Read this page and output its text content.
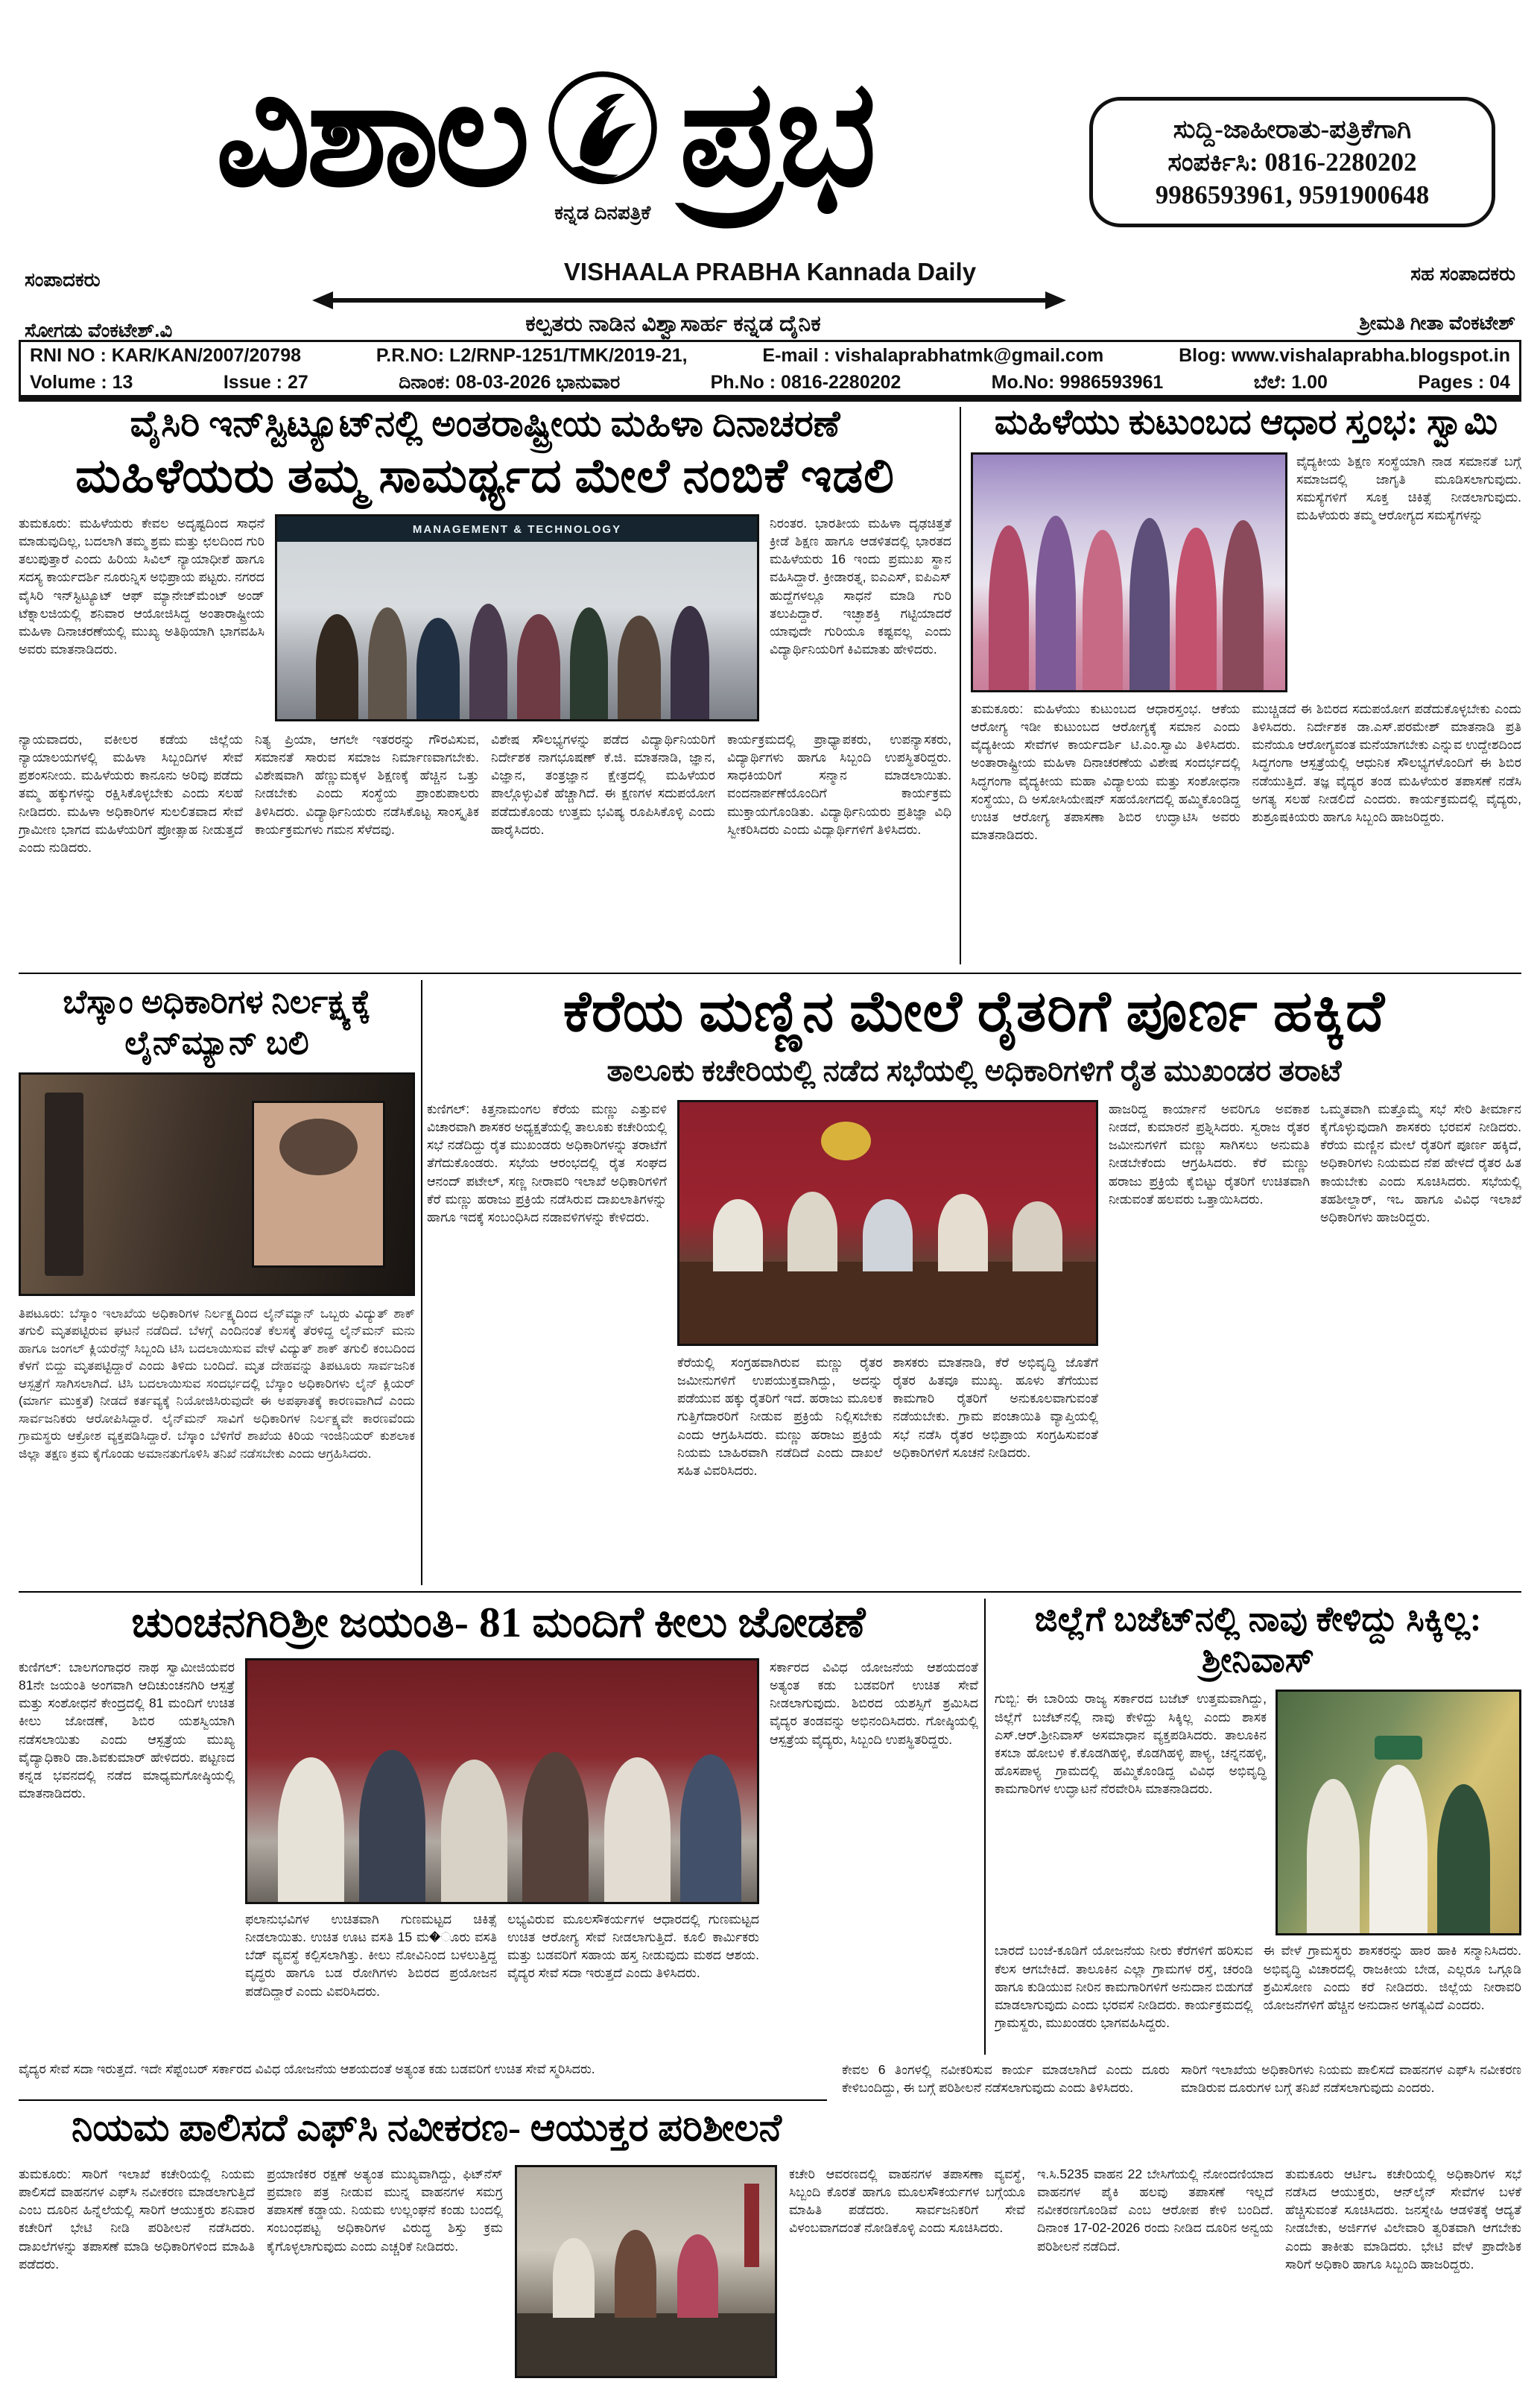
ವಿಶಾಲ ಕನ್ನಡ ದಿನಪತ್ರಿಕೆ ಪ್ರಭ	ಸುದ್ದಿ-ಜಾಹೀರಾತು-ಪತ್ರಿಕೆಗಾಗಿ
ಸಂಪರ್ಕಿಸಿ: 0816-2280202
9986593961, 9591900648
VISHAALA PRABHA Kannada Daily
ಕಲ್ಪತರು ನಾಡಿನ ವಿಶ್ವಾಸಾರ್ಹ ಕನ್ನಡ ದೈನಿಕ
ಸಂಪಾದಕರು
ಸೋಗಡು ವೆಂಕಟೇಶ್.ವಿ
ಸಹ ಸಂಪಾದಕರು
ಶ್ರೀಮತಿ ಗೀತಾ ವೆಂಕಟೇಶ್
RNI NO : KAR/KAN/2007/20798	P.R.NO: L2/RNP-1251/TMK/2019-21,	E-mail : vishalaprabhatmk@gmail.com	Blog: www.vishalaprabha.blogspot.in
Volume : 13	Issue : 27	ದಿನಾಂಕ: 08-03-2026 ಭಾನುವಾರ	Ph.No : 0816-2280202	Mo.No: 9986593961	ಬೆಲೆ: 1.00	Pages : 04
ವೈಸಿರಿ ಇನ್‌ಸ್ಟಿಟ್ಯೂಟ್‌ನಲ್ಲಿ ಅಂತರಾಷ್ಟ್ರೀಯ ಮಹಿಳಾ ದಿನಾಚರಣೆ
ಮಹಿಳೆಯರು ತಮ್ಮ ಸಾಮರ್ಥ್ಯದ ಮೇಲೆ ನಂಬಿಕೆ ಇಡಲಿ
ತುಮಕೂರು: ಮಹಿಳೆಯರು ಕೇವಲ ಅದೃಷ್ಟದಿಂದ ಸಾಧನೆ ಮಾಡುವುದಿಲ್ಲ, ಬದಲಾಗಿ ತಮ್ಮ ಶ್ರಮ ಮತ್ತು ಛಲದಿಂದ ಗುರಿ ತಲುಪುತ್ತಾರೆ ಎಂದು ಹಿರಿಯ ಸಿವಿಲ್ ನ್ಯಾಯಾಧೀಶೆ ಹಾಗೂ ಸದಸ್ಯ ಕಾರ್ಯದರ್ಶಿ ನೂರುನ್ನಿಸ ಅಭಿಪ್ರಾಯ ಪಟ್ಟರು. ನಗರದ ವೈಸಿರಿ ಇನ್‌ಸ್ಟಿಟ್ಯೂಟ್ ಆಫ್ ಮ್ಯಾನೇಜ್‌ಮೆಂಟ್ ಅಂಡ್ ಟೆಕ್ನಾಲಜಿಯಲ್ಲಿ ಶನಿವಾರ ಆಯೋಜಿಸಿದ್ದ ಅಂತಾರಾಷ್ಟ್ರೀಯ ಮಹಿಳಾ ದಿನಾಚರಣೆಯಲ್ಲಿ ಮುಖ್ಯ ಅತಿಥಿಯಾಗಿ ಭಾಗವಹಿಸಿ ಅವರು ಮಾತನಾಡಿದರು.
MANAGEMENT & TECHNOLOGY	ನಿರಂತರ. ಭಾರತೀಯ ಮಹಿಳಾ ದೃಢಚಿತ್ತತೆ ಕ್ರೀಡೆ ಶಿಕ್ಷಣ ಹಾಗೂ ಆಡಳಿತದಲ್ಲಿ ಭಾರತದ ಮಹಿಳೆಯರು 16 ಇಂದು ಪ್ರಮುಖ ಸ್ಥಾನ ವಹಿಸಿದ್ದಾರೆ. ಕ್ರೀಡಾರತ್ನ, ಐಎಎಸ್, ಐಪಿಎಸ್ ಹುದ್ದೆಗಳಲ್ಲೂ ಸಾಧನೆ ಮಾಡಿ ಗುರಿ ತಲುಪಿದ್ದಾರೆ. ಇಚ್ಛಾಶಕ್ತಿ ಗಟ್ಟಿಯಾದರೆ ಯಾವುದೇ ಗುರಿಯೂ ಕಷ್ಟವಲ್ಲ ಎಂದು ವಿದ್ಯಾರ್ಥಿನಿಯರಿಗೆ ಕಿವಿಮಾತು ಹೇಳಿದರು.
ನ್ಯಾಯವಾದರು, ವಕೀಲರ ಕಡೆಯ ಜಿಲ್ಲೆಯ ನ್ಯಾಯಾಲಯಗಳಲ್ಲಿ ಮಹಿಳಾ ಸಿಬ್ಬಂದಿಗಳ ಸೇವೆ ಪ್ರಶಂಸನೀಯ. ಮಹಿಳೆಯರು ಕಾನೂನು ಅರಿವು ಪಡೆದು ತಮ್ಮ ಹಕ್ಕುಗಳನ್ನು ರಕ್ಷಿಸಿಕೊಳ್ಳಬೇಕು ಎಂದು ಸಲಹೆ ನೀಡಿದರು. ಮಹಿಳಾ ಅಧಿಕಾರಿಗಳ ಸುಲಲಿತವಾದ ಸೇವೆ ಗ್ರಾಮೀಣ ಭಾಗದ ಮಹಿಳೆಯರಿಗೆ ಪ್ರೋತ್ಸಾಹ ನೀಡುತ್ತದೆ ಎಂದು ನುಡಿದರು.
ನಿತ್ಯ ಪ್ರಿಯಾ, ಆಗಲೇ ಇತರರನ್ನು ಗೌರವಿಸುವ, ಸಮಾನತೆ ಸಾರುವ ಸಮಾಜ ನಿರ್ಮಾಣವಾಗಬೇಕು. ವಿಶೇಷವಾಗಿ ಹೆಣ್ಣುಮಕ್ಕಳ ಶಿಕ್ಷಣಕ್ಕೆ ಹೆಚ್ಚಿನ ಒತ್ತು ನೀಡಬೇಕು ಎಂದು ಸಂಸ್ಥೆಯ ಪ್ರಾಂಶುಪಾಲರು ತಿಳಿಸಿದರು. ವಿದ್ಯಾರ್ಥಿನಿಯರು ನಡೆಸಿಕೊಟ್ಟ ಸಾಂಸ್ಕೃತಿಕ ಕಾರ್ಯಕ್ರಮಗಳು ಗಮನ ಸೆಳೆದವು.
ವಿಶೇಷ ಸೌಲಭ್ಯಗಳನ್ನು ಪಡೆದ ವಿದ್ಯಾರ್ಥಿನಿಯರಿಗೆ ನಿರ್ದೇಶಕ ನಾಗಭೂಷಣ್ ಕೆ.ಜಿ. ಮಾತನಾಡಿ, ಜ್ಞಾನ, ವಿಜ್ಞಾನ, ತಂತ್ರಜ್ಞಾನ ಕ್ಷೇತ್ರದಲ್ಲಿ ಮಹಿಳೆಯರ ಪಾಲ್ಗೊಳ್ಳುವಿಕೆ ಹೆಚ್ಚಾಗಿದೆ. ಈ ಕ್ಷಣಗಳ ಸದುಪಯೋಗ ಪಡೆದುಕೊಂಡು ಉತ್ತಮ ಭವಿಷ್ಯ ರೂಪಿಸಿಕೊಳ್ಳಿ ಎಂದು ಹಾರೈಸಿದರು.
ಕಾರ್ಯಕ್ರಮದಲ್ಲಿ ಪ್ರಾಧ್ಯಾಪಕರು, ಉಪನ್ಯಾಸಕರು, ವಿದ್ಯಾರ್ಥಿಗಳು ಹಾಗೂ ಸಿಬ್ಬಂದಿ ಉಪಸ್ಥಿತರಿದ್ದರು. ಸಾಧಕಿಯರಿಗೆ ಸನ್ಮಾನ ಮಾಡಲಾಯಿತು. ವಂದನಾರ್ಪಣೆಯೊಂದಿಗೆ ಕಾರ್ಯಕ್ರಮ ಮುಕ್ತಾಯಗೊಂಡಿತು. ವಿದ್ಯಾರ್ಥಿನಿಯರು ಪ್ರತಿಜ್ಞಾ ವಿಧಿ ಸ್ವೀಕರಿಸಿದರು ಎಂದು ವಿದ್ಯಾರ್ಥಿಗಳಿಗೆ ತಿಳಿಸಿದರು.
ಮಹಿಳೆಯು ಕುಟುಂಬದ ಆಧಾರ ಸ್ತಂಭ: ಸ್ವಾಮಿ
ವೈದ್ಯಕೀಯ ಶಿಕ್ಷಣ ಸಂಸ್ಥೆಯಾಗಿ ನಾಡ ಸಮಾನತೆ ಬಗ್ಗೆ ಸಮಾಜದಲ್ಲಿ ಜಾಗೃತಿ ಮೂಡಿಸಲಾಗುವುದು. ಸಮಸ್ಯೆಗಳಿಗೆ ಸೂಕ್ತ ಚಿಕಿತ್ಸೆ ನೀಡಲಾಗುವುದು. ಮಹಿಳೆಯರು ತಮ್ಮ ಆರೋಗ್ಯದ ಸಮಸ್ಯೆಗಳನ್ನು
ತುಮಕೂರು: ಮಹಿಳೆಯು ಕುಟುಂಬದ ಆಧಾರಸ್ತಂಭ. ಆಕೆಯ ಆರೋಗ್ಯ ಇಡೀ ಕುಟುಂಬದ ಆರೋಗ್ಯಕ್ಕೆ ಸಮಾನ ಎಂದು ವೈದ್ಯಕೀಯ ಸೇವೆಗಳ ಕಾರ್ಯದರ್ಶಿ ಟಿ.ಎಂ.ಸ್ವಾಮಿ ತಿಳಿಸಿದರು. ಅಂತಾರಾಷ್ಟ್ರೀಯ ಮಹಿಳಾ ದಿನಾಚರಣೆಯ ವಿಶೇಷ ಸಂದರ್ಭದಲ್ಲಿ ಸಿದ್ಧಗಂಗಾ ವೈದ್ಯಕೀಯ ಮಹಾ ವಿದ್ಯಾಲಯ ಮತ್ತು ಸಂಶೋಧನಾ ಸಂಸ್ಥೆಯು, ದಿ ಅಸೋಸಿಯೇಷನ್ ಸಹಯೋಗದಲ್ಲಿ ಹಮ್ಮಿಕೊಂಡಿದ್ದ ಉಚಿತ ಆರೋಗ್ಯ ತಪಾಸಣಾ ಶಿಬಿರ ಉದ್ಘಾಟಿಸಿ ಅವರು ಮಾತನಾಡಿದರು.
ಮುಚ್ಚಿಡದೆ ಈ ಶಿಬಿರದ ಸದುಪಯೋಗ ಪಡೆದುಕೊಳ್ಳಬೇಕು ಎಂದು ತಿಳಿಸಿದರು. ನಿರ್ದೇಶಕ ಡಾ.ಎಸ್.ಪರಮೇಶ್ ಮಾತನಾಡಿ ಪ್ರತಿ ಮನೆಯೂ ಆರೋಗ್ಯವಂತ ಮನೆಯಾಗಬೇಕು ಎನ್ನುವ ಉದ್ದೇಶದಿಂದ ಸಿದ್ಧಗಂಗಾ ಆಸ್ಪತ್ರೆಯಲ್ಲಿ ಆಧುನಿಕ ಸೌಲಭ್ಯಗಳೊಂದಿಗೆ ಈ ಶಿಬಿರ ನಡೆಯುತ್ತಿದೆ. ತಜ್ಞ ವೈದ್ಯರ ತಂಡ ಮಹಿಳೆಯರ ತಪಾಸಣೆ ನಡೆಸಿ ಅಗತ್ಯ ಸಲಹೆ ನೀಡಲಿದೆ ಎಂದರು. ಕಾರ್ಯಕ್ರಮದಲ್ಲಿ ವೈದ್ಯರು, ಶುಶ್ರೂಷಕಿಯರು ಹಾಗೂ ಸಿಬ್ಬಂದಿ ಹಾಜರಿದ್ದರು.
ಬೆಸ್ಕಾಂ ಅಧಿಕಾರಿಗಳ ನಿರ್ಲಕ್ಷ್ಯಕ್ಕೆ
ಲೈನ್‌ಮ್ಯಾನ್ ಬಲಿ
ತಿಪಟೂರು: ಬೆಸ್ಕಾಂ ಇಲಾಖೆಯ ಅಧಿಕಾರಿಗಳ ನಿರ್ಲಕ್ಷ್ಯದಿಂದ ಲೈನ್‌ಮ್ಯಾನ್ ಒಬ್ಬರು ವಿದ್ಯುತ್ ಶಾಕ್ ತಗುಲಿ ಮೃತಪಟ್ಟಿರುವ ಘಟನೆ ನಡೆದಿದೆ. ಬೆಳಗ್ಗೆ ಎಂದಿನಂತೆ ಕೆಲಸಕ್ಕೆ ತೆರಳಿದ್ದ ಲೈನ್‌ಮನ್ ಮನು ಹಾಗೂ ಜಂಗಲ್ ಕ್ಲಿಯರೆನ್ಸ್ ಸಿಬ್ಬಂದಿ ಟಿಸಿ ಬದಲಾಯಿಸುವ ವೇಳೆ ವಿದ್ಯುತ್ ಶಾಕ್ ತಗುಲಿ ಕಂಬದಿಂದ ಕೆಳಗೆ ಬಿದ್ದು ಮೃತಪಟ್ಟಿದ್ದಾರೆ ಎಂದು ತಿಳಿದು ಬಂದಿದೆ. ಮೃತ ದೇಹವನ್ನು ತಿಪಟೂರು ಸಾರ್ವಜನಿಕ ಆಸ್ಪತ್ರೆಗೆ ಸಾಗಿಸಲಾಗಿದೆ. ಟಿಸಿ ಬದಲಾಯಿಸುವ ಸಂದರ್ಭದಲ್ಲಿ ಬೆಸ್ಕಾಂ ಅಧಿಕಾರಿಗಳು ಲೈನ್ ಕ್ಲಿಯರ್ (ಮಾರ್ಗ ಮುಕ್ತತೆ) ನೀಡದೆ ಕರ್ತವ್ಯಕ್ಕೆ ನಿಯೋಜಿಸಿರುವುದೇ ಈ ಅಪಘಾತಕ್ಕೆ ಕಾರಣವಾಗಿದೆ ಎಂದು ಸಾರ್ವಜನಿಕರು ಆರೋಪಿಸಿದ್ದಾರೆ. ಲೈನ್‌ಮನ್ ಸಾವಿಗೆ ಅಧಿಕಾರಿಗಳ ನಿರ್ಲಕ್ಷ್ಯವೇ ಕಾರಣವೆಂದು ಗ್ರಾಮಸ್ಥರು ಆಕ್ರೋಶ ವ್ಯಕ್ತಪಡಿಸಿದ್ದಾರೆ. ಬೆಸ್ಕಾಂ ಬೆಳಿಗೆರೆ ಶಾಖೆಯ ಕಿರಿಯ ಇಂಜಿನಿಯರ್ ಕುಶಲಾಕ ಜಿಲ್ಲಾ ತಕ್ಷಣ ಕ್ರಮ ಕೈಗೊಂಡು ಅಮಾನತುಗೊಳಿಸಿ ತನಿಖೆ ನಡೆಸಬೇಕು ಎಂದು ಆಗ್ರಹಿಸಿದರು.
ಕೆರೆಯ ಮಣ್ಣಿನ ಮೇಲೆ ರೈತರಿಗೆ ಪೂರ್ಣ ಹಕ್ಕಿದೆ
ತಾಲೂಕು ಕಚೇರಿಯಲ್ಲಿ ನಡೆದ ಸಭೆಯಲ್ಲಿ ಅಧಿಕಾರಿಗಳಿಗೆ ರೈತ ಮುಖಂಡರ ತರಾಟೆ
ಕುಣಿಗಲ್: ಕಿತ್ತನಾಮಂಗಲ ಕೆರೆಯ ಮಣ್ಣು ಎತ್ತುವಳಿ ವಿಚಾರವಾಗಿ ಶಾಸಕರ ಅಧ್ಯಕ್ಷತೆಯಲ್ಲಿ ತಾಲೂಕು ಕಚೇರಿಯಲ್ಲಿ ಸಭೆ ನಡೆದಿದ್ದು ರೈತ ಮುಖಂಡರು ಅಧಿಕಾರಿಗಳನ್ನು ತರಾಟೆಗೆ ತೆಗೆದುಕೊಂಡರು. ಸಭೆಯ ಆರಂಭದಲ್ಲಿ ರೈತ ಸಂಘದ ಆನಂದ್ ಪಟೇಲ್, ಸಣ್ಣ ನೀರಾವರಿ ಇಲಾಖೆ ಅಧಿಕಾರಿಗಳಿಗೆ ಕೆರೆ ಮಣ್ಣು ಹರಾಜು ಪ್ರಕ್ರಿಯೆ ನಡೆಸಿರುವ ದಾಖಲಾತಿಗಳನ್ನು ಹಾಗೂ ಇದಕ್ಕೆ ಸಂಬಂಧಿಸಿದ ನಡಾವಳಿಗಳನ್ನು ಕೇಳಿದರು.
ಕೆರೆಯಲ್ಲಿ ಸಂಗ್ರಹವಾಗಿರುವ ಮಣ್ಣು ರೈತರ ಜಮೀನುಗಳಿಗೆ ಉಪಯುಕ್ತವಾಗಿದ್ದು, ಅದನ್ನು ಪಡೆಯುವ ಹಕ್ಕು ರೈತರಿಗೆ ಇದೆ. ಹರಾಜು ಮೂಲಕ ಗುತ್ತಿಗೆದಾರರಿಗೆ ನೀಡುವ ಪ್ರಕ್ರಿಯೆ ನಿಲ್ಲಿಸಬೇಕು ಎಂದು ಆಗ್ರಹಿಸಿದರು. ಮಣ್ಣು ಹರಾಜು ಪ್ರಕ್ರಿಯೆ ನಿಯಮ ಬಾಹಿರವಾಗಿ ನಡೆದಿದೆ ಎಂದು ದಾಖಲೆ ಸಹಿತ ವಿವರಿಸಿದರು.
ಶಾಸಕರು ಮಾತನಾಡಿ, ಕೆರೆ ಅಭಿವೃದ್ಧಿ ಜೊತೆಗೆ ರೈತರ ಹಿತವೂ ಮುಖ್ಯ. ಹೂಳು ತೆಗೆಯುವ ಕಾಮಗಾರಿ ರೈತರಿಗೆ ಅನುಕೂಲವಾಗುವಂತೆ ನಡೆಯಬೇಕು. ಗ್ರಾಮ ಪಂಚಾಯಿತಿ ವ್ಯಾಪ್ತಿಯಲ್ಲಿ ಸಭೆ ನಡೆಸಿ ರೈತರ ಅಭಿಪ್ರಾಯ ಸಂಗ್ರಹಿಸುವಂತೆ ಅಧಿಕಾರಿಗಳಿಗೆ ಸೂಚನೆ ನೀಡಿದರು.
ಹಾಜರಿದ್ದ ಕಾರ್ಯಾನೆ ಅವರಿಗೂ ಅವಕಾಶ ನೀಡದೆ, ಕುಮಾರನೆ ಪ್ರಶ್ನಿಸಿದರು. ಸ್ವರಾಜ ರೈತರ ಜಮೀನುಗಳಿಗೆ ಮಣ್ಣು ಸಾಗಿಸಲು ಅನುಮತಿ ನೀಡಬೇಕೆಂದು ಆಗ್ರಹಿಸಿದರು. ಕೆರೆ ಮಣ್ಣು ಹರಾಜು ಪ್ರಕ್ರಿಯೆ ಕೈಬಿಟ್ಟು ರೈತರಿಗೆ ಉಚಿತವಾಗಿ ನೀಡುವಂತೆ ಹಲವರು ಒತ್ತಾಯಿಸಿದರು.
ಒಮ್ಮತವಾಗಿ ಮತ್ತೊಮ್ಮೆ ಸಭೆ ಸೇರಿ ತೀರ್ಮಾನ ಕೈಗೊಳ್ಳುವುದಾಗಿ ಶಾಸಕರು ಭರವಸೆ ನೀಡಿದರು. ಕೆರೆಯ ಮಣ್ಣಿನ ಮೇಲೆ ರೈತರಿಗೆ ಪೂರ್ಣ ಹಕ್ಕಿದೆ, ಅಧಿಕಾರಿಗಳು ನಿಯಮದ ನೆಪ ಹೇಳದೆ ರೈತರ ಹಿತ ಕಾಯಬೇಕು ಎಂದು ಸೂಚಿಸಿದರು. ಸಭೆಯಲ್ಲಿ ತಹಶೀಲ್ದಾರ್, ಇಒ ಹಾಗೂ ವಿವಿಧ ಇಲಾಖೆ ಅಧಿಕಾರಿಗಳು ಹಾಜರಿದ್ದರು.
ಚುಂಚನಗಿರಿಶ್ರೀ ಜಯಂತಿ- 81 ಮಂದಿಗೆ ಕೀಲು ಜೋಡಣೆ
ಕುಣಿಗಲ್: ಬಾಲಗಂಗಾಧರ ನಾಥ ಸ್ವಾಮೀಜಿಯವರ 81ನೇ ಜಯಂತಿ ಅಂಗವಾಗಿ ಆದಿಚುಂಚನಗಿರಿ ಆಸ್ಪತ್ರೆ ಮತ್ತು ಸಂಶೋಧನೆ ಕೇಂದ್ರದಲ್ಲಿ 81 ಮಂದಿಗೆ ಉಚಿತ ಕೀಲು ಜೋಡಣೆ, ಶಿಬಿರ ಯಶಸ್ವಿಯಾಗಿ ನಡೆಸಲಾಯಿತು ಎಂದು ಆಸ್ಪತ್ರೆಯ ಮುಖ್ಯ ವೈದ್ಯಾಧಿಕಾರಿ ಡಾ.ಶಿವಕುಮಾರ್ ಹೇಳಿದರು. ಪಟ್ಟಣದ ಕನ್ನಡ ಭವನದಲ್ಲಿ ನಡೆದ ಮಾಧ್ಯಮಗೋಷ್ಠಿಯಲ್ಲಿ ಮಾತನಾಡಿದರು.
ಫಲಾನುಭವಿಗಳ ಉಚಿತವಾಗಿ ಗುಣಮಟ್ಟದ ಚಿಕಿತ್ಸೆ ನೀಡಲಾಯಿತು. ಉಚಿತ ಊಟ ವಸತಿ 15 ಮ�ೂರು ವಸತಿ ಬೆಡ್ ವ್ಯವಸ್ಥೆ ಕಲ್ಪಿಸಲಾಗಿತ್ತು. ಕೀಲು ನೋವಿನಿಂದ ಬಳಲುತ್ತಿದ್ದ ವೃದ್ಧರು ಹಾಗೂ ಬಡ ರೋಗಿಗಳು ಶಿಬಿರದ ಪ್ರಯೋಜನ ಪಡೆದಿದ್ದಾರೆ ಎಂದು ವಿವರಿಸಿದರು.
ಲಭ್ಯವಿರುವ ಮೂಲಸೌಕರ್ಯಗಳ ಆಧಾರದಲ್ಲಿ ಗುಣಮಟ್ಟದ ಉಚಿತ ಆರೋಗ್ಯ ಸೇವೆ ನೀಡಲಾಗುತ್ತಿದೆ. ಕೂಲಿ ಕಾರ್ಮಿಕರು ಮತ್ತು ಬಡವರಿಗೆ ಸಹಾಯ ಹಸ್ತ ನೀಡುವುದು ಮಠದ ಆಶಯ. ವೈದ್ಯರ ಸೇವೆ ಸದಾ ಇರುತ್ತದೆ ಎಂದು ತಿಳಿಸಿದರು.
ಸರ್ಕಾರದ ವಿವಿಧ ಯೋಜನೆಯ ಆಶಯದಂತೆ ಅತ್ಯಂತ ಕಡು ಬಡವರಿಗೆ ಉಚಿತ ಸೇವೆ ನೀಡಲಾಗುವುದು. ಶಿಬಿರದ ಯಶಸ್ಸಿಗೆ ಶ್ರಮಿಸಿದ ವೈದ್ಯರ ತಂಡವನ್ನು ಅಭಿನಂದಿಸಿದರು. ಗೋಷ್ಠಿಯಲ್ಲಿ ಆಸ್ಪತ್ರೆಯ ವೈದ್ಯರು, ಸಿಬ್ಬಂದಿ ಉಪಸ್ಥಿತರಿದ್ದರು.
ಜಿಲ್ಲೆಗೆ ಬಜೆಟ್‌ನಲ್ಲಿ ನಾವು ಕೇಳಿದ್ದು ಸಿಕ್ಕಿಲ್ಲ: ಶ್ರೀನಿವಾಸ್
ಗುಬ್ಬಿ: ಈ ಬಾರಿಯ ರಾಜ್ಯ ಸರ್ಕಾರದ ಬಜೆಟ್ ಉತ್ತಮವಾಗಿದ್ದು, ಜಿಲ್ಲೆಗೆ ಬಜೆಟ್‌ನಲ್ಲಿ ನಾವು ಕೇಳಿದ್ದು ಸಿಕ್ಕಿಲ್ಲ ಎಂದು ಶಾಸಕ ಎಸ್.ಆರ್.ಶ್ರೀನಿವಾಸ್ ಅಸಮಾಧಾನ ವ್ಯಕ್ತಪಡಿಸಿದರು. ತಾಲೂಕಿನ ಕಸಬಾ ಹೋಬಳಿ ಕೆ.ಕೊಡಗಿಹಳ್ಳಿ, ಕೊಡಗಿಹಳ್ಳಿ ಪಾಳ್ಯ, ಚನ್ನನಹಳ್ಳಿ, ಹೊಸಪಾಳ್ಯ ಗ್ರಾಮದಲ್ಲಿ ಹಮ್ಮಿಕೊಂಡಿದ್ದ ವಿವಿಧ ಅಭಿವೃದ್ಧಿ ಕಾಮಗಾರಿಗಳ ಉದ್ಘಾಟನೆ ನೆರವೇರಿಸಿ ಮಾತನಾಡಿದರು.
ಬಾರದೆ ಬಂಜೆ-ಕೂಡಿಗೆ ಯೋಜನೆಯ ನೀರು ಕೆರೆಗಳಿಗೆ ಹರಿಸುವ ಕೆಲಸ ಆಗಬೇಕಿದೆ. ತಾಲೂಕಿನ ಎಲ್ಲಾ ಗ್ರಾಮಗಳ ರಸ್ತೆ, ಚರಂಡಿ ಹಾಗೂ ಕುಡಿಯುವ ನೀರಿನ ಕಾಮಗಾರಿಗಳಿಗೆ ಅನುದಾನ ಬಿಡುಗಡೆ ಮಾಡಲಾಗುವುದು ಎಂದು ಭರವಸೆ ನೀಡಿದರು. ಕಾರ್ಯಕ್ರಮದಲ್ಲಿ ಗ್ರಾಮಸ್ಥರು, ಮುಖಂಡರು ಭಾಗವಹಿಸಿದ್ದರು.
ಈ ವೇಳೆ ಗ್ರಾಮಸ್ಥರು ಶಾಸಕರನ್ನು ಹಾರ ಹಾಕಿ ಸನ್ಮಾನಿಸಿದರು. ಅಭಿವೃದ್ಧಿ ವಿಚಾರದಲ್ಲಿ ರಾಜಕೀಯ ಬೇಡ, ಎಲ್ಲರೂ ಒಗ್ಗೂಡಿ ಶ್ರಮಿಸೋಣ ಎಂದು ಕರೆ ನೀಡಿದರು. ಜಿಲ್ಲೆಯ ನೀರಾವರಿ ಯೋಜನೆಗಳಿಗೆ ಹೆಚ್ಚಿನ ಅನುದಾನ ಅಗತ್ಯವಿದೆ ಎಂದರು.
ವೈದ್ಯರ ಸೇವೆ ಸದಾ ಇರುತ್ತದೆ. ಇದೇ ಸೆಪ್ಟೆಂಬರ್ ಸರ್ಕಾರದ ವಿವಿಧ ಯೋಜನೆಯ ಆಶಯದಂತೆ ಅತ್ಯಂತ ಕಡು ಬಡವರಿಗೆ ಉಚಿತ ಸೇವೆ ಸ್ಮರಿಸಿದರು.
ನಿಯಮ ಪಾಲಿಸದೆ ಎಫ್‌ಸಿ ನವೀಕರಣ- ಆಯುಕ್ತರ ಪರಿಶೀಲನೆ
ಕೇವಲ 6 ತಿಂಗಳಲ್ಲಿ ನವೀಕರಿಸುವ ಕಾರ್ಯ ಮಾಡಲಾಗಿದೆ ಎಂದು ದೂರು ಕೇಳಿಬಂದಿದ್ದು, ಈ ಬಗ್ಗೆ ಪರಿಶೀಲನೆ ನಡೆಸಲಾಗುವುದು ಎಂದು ತಿಳಿಸಿದರು.
ಸಾರಿಗೆ ಇಲಾಖೆಯ ಅಧಿಕಾರಿಗಳು ನಿಯಮ ಪಾಲಿಸದೆ ವಾಹನಗಳ ಎಫ್‌ಸಿ ನವೀಕರಣ ಮಾಡಿರುವ ದೂರುಗಳ ಬಗ್ಗೆ ತನಿಖೆ ನಡೆಸಲಾಗುವುದು ಎಂದರು.
ತುಮಕೂರು: ಸಾರಿಗೆ ಇಲಾಖೆ ಕಚೇರಿಯಲ್ಲಿ ನಿಯಮ ಪಾಲಿಸದೆ ವಾಹನಗಳ ಎಫ್‌ಸಿ ನವೀಕರಣ ಮಾಡಲಾಗುತ್ತಿದೆ ಎಂಬ ದೂರಿನ ಹಿನ್ನೆಲೆಯಲ್ಲಿ ಸಾರಿಗೆ ಆಯುಕ್ತರು ಶನಿವಾರ ಕಚೇರಿಗೆ ಭೇಟಿ ನೀಡಿ ಪರಿಶೀಲನೆ ನಡೆಸಿದರು. ದಾಖಲೆಗಳನ್ನು ತಪಾಸಣೆ ಮಾಡಿ ಅಧಿಕಾರಿಗಳಿಂದ ಮಾಹಿತಿ ಪಡೆದರು.
ಪ್ರಯಾಣಿಕರ ರಕ್ಷಣೆ ಅತ್ಯಂತ ಮುಖ್ಯವಾಗಿದ್ದು, ಫಿಟ್‌ನೆಸ್ ಪ್ರಮಾಣ ಪತ್ರ ನೀಡುವ ಮುನ್ನ ವಾಹನಗಳ ಸಮಗ್ರ ತಪಾಸಣೆ ಕಡ್ಡಾಯ. ನಿಯಮ ಉಲ್ಲಂಘನೆ ಕಂಡು ಬಂದಲ್ಲಿ ಸಂಬಂಧಪಟ್ಟ ಅಧಿಕಾರಿಗಳ ವಿರುದ್ಧ ಶಿಸ್ತು ಕ್ರಮ ಕೈಗೊಳ್ಳಲಾಗುವುದು ಎಂದು ಎಚ್ಚರಿಕೆ ನೀಡಿದರು.
ಕಚೇರಿ ಆವರಣದಲ್ಲಿ ವಾಹನಗಳ ತಪಾಸಣಾ ವ್ಯವಸ್ಥೆ, ಸಿಬ್ಬಂದಿ ಕೊರತೆ ಹಾಗೂ ಮೂಲಸೌಕರ್ಯಗಳ ಬಗ್ಗೆಯೂ ಮಾಹಿತಿ ಪಡೆದರು. ಸಾರ್ವಜನಿಕರಿಗೆ ಸೇವೆ ವಿಳಂಬವಾಗದಂತೆ ನೋಡಿಕೊಳ್ಳಿ ಎಂದು ಸೂಚಿಸಿದರು.
ಇ.ಸಿ.5235 ವಾಹನ 22 ಬೇಸಿಗೆಯಲ್ಲಿ ನೋಂದಣಿಯಾದ ವಾಹನಗಳ ಪೈಕಿ ಹಲವು ತಪಾಸಣೆ ಇಲ್ಲದೆ ನವೀಕರಣಗೊಂಡಿವೆ ಎಂಬ ಆರೋಪ ಕೇಳಿ ಬಂದಿದೆ. ದಿನಾಂಕ 17-02-2026 ರಂದು ನೀಡಿದ ದೂರಿನ ಅನ್ವಯ ಪರಿಶೀಲನೆ ನಡೆದಿದೆ.
ತುಮಕೂರು ಆರ್ಟಿಒ ಕಚೇರಿಯಲ್ಲಿ ಅಧಿಕಾರಿಗಳ ಸಭೆ ನಡೆಸಿದ ಆಯುಕ್ತರು, ಆನ್‌ಲೈನ್ ಸೇವೆಗಳ ಬಳಕೆ ಹೆಚ್ಚಿಸುವಂತೆ ಸೂಚಿಸಿದರು. ಜನಸ್ನೇಹಿ ಆಡಳಿತಕ್ಕೆ ಆದ್ಯತೆ ನೀಡಬೇಕು, ಅರ್ಜಿಗಳ ವಿಲೇವಾರಿ ತ್ವರಿತವಾಗಿ ಆಗಬೇಕು ಎಂದು ತಾಕೀತು ಮಾಡಿದರು. ಭೇಟಿ ವೇಳೆ ಪ್ರಾದೇಶಿಕ ಸಾರಿಗೆ ಅಧಿಕಾರಿ ಹಾಗೂ ಸಿಬ್ಬಂದಿ ಹಾಜರಿದ್ದರು.
